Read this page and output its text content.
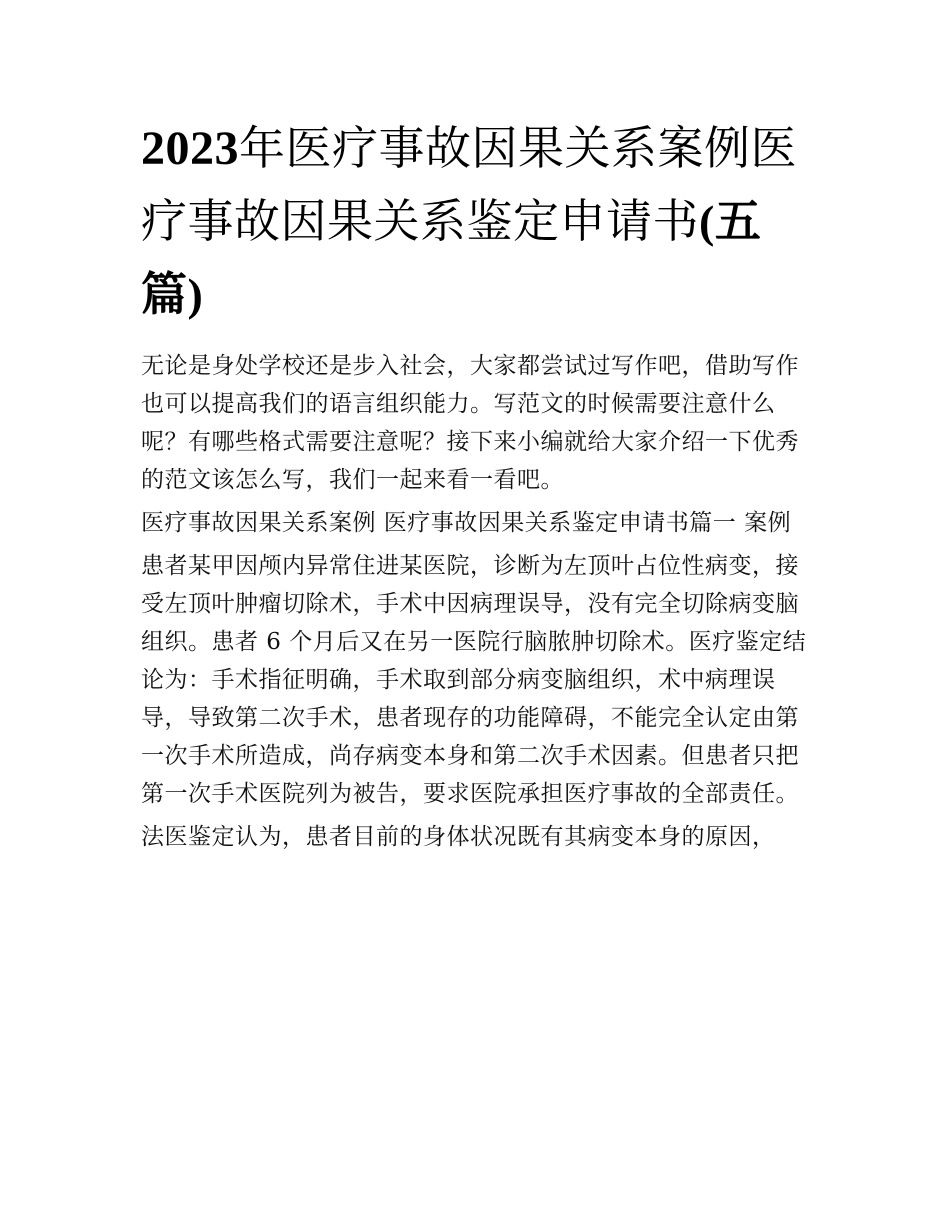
2023年医疗事故因果关系案例医疗事故因果关系鉴定申请书(五篇)

无论是身处学校还是步入社会，大家都尝试过写作吧，借助写作也可以提高我们的语言组织能力。写范文的时候需要注意什么呢？有哪些格式需要注意呢？接下来小编就给大家介绍一下优秀的范文该怎么写，我们一起来看一看吧。

医疗事故因果关系案例 医疗事故因果关系鉴定申请书篇一 案例

患者某甲因颅内异常住进某医院，诊断为左顶叶占位性病变，接受左顶叶肿瘤切除术，手术中因病理误导，没有完全切除病变脑组织。患者 6 个月后又在另一医院行脑脓肿切除术。医疗鉴定结论为：手术指征明确，手术取到部分病变脑组织，术中病理误导，导致第二次手术，患者现存的功能障碍，不能完全认定由第一次手术所造成，尚存病变本身和第二次手术因素。但患者只把第一次手术医院列为被告，要求医院承担医疗事故的全部责任。

法医鉴定认为，患者目前的身体状况既有其病变本身的原因，
